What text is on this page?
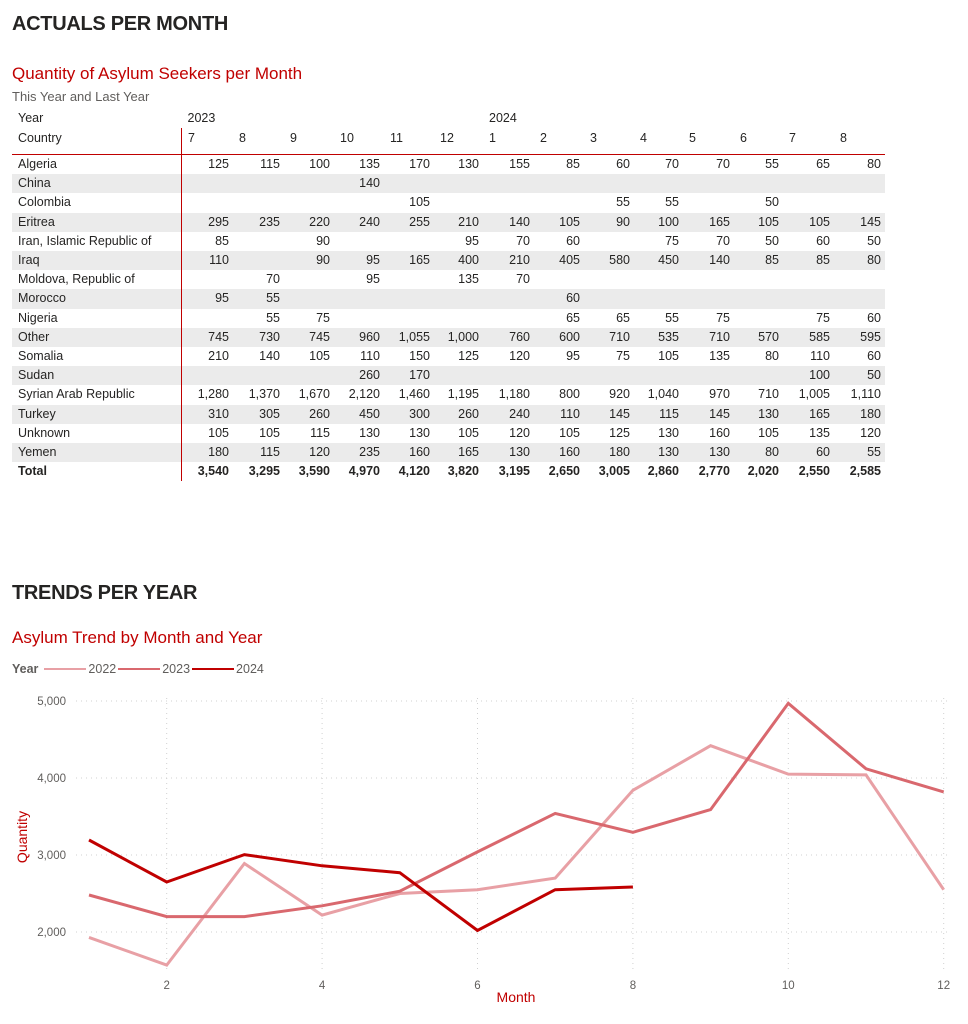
ACTUALS PER MONTH
Quantity of Asylum Seekers per Month
This Year and Last Year
Year	2023						2024							
Country	7	8	9	10	11	12	1	2	3	4	5	6	7	8
Algeria	125	115	100	135	170	130	155	85	60	70	70	55	65	80
China				140										
Colombia					105				55	55		50		
Eritrea	295	235	220	240	255	210	140	105	90	100	165	105	105	145
Iran, Islamic Republic of	85		90			95	70	60		75	70	50	60	50
Iraq	110		90	95	165	400	210	405	580	450	140	85	85	80
Moldova, Republic of		70		95		135	70							
Morocco	95	55						60						
Nigeria		55	75					65	65	55	75		75	60
Other	745	730	745	960	1,055	1,000	760	600	710	535	710	570	585	595
Somalia	210	140	105	110	150	125	120	95	75	105	135	80	110	60
Sudan				260	170								100	50
Syrian Arab Republic	1,280	1,370	1,670	2,120	1,460	1,195	1,180	800	920	1,040	970	710	1,005	1,110
Turkey	310	305	260	450	300	260	240	110	145	115	145	130	165	180
Unknown	105	105	115	130	130	105	120	105	125	130	160	105	135	120
Yemen	180	115	120	235	160	165	130	160	180	130	130	80	60	55
Total	3,540	3,295	3,590	4,970	4,120	3,820	3,195	2,650	3,005	2,860	2,770	2,020	2,550	2,585
TRENDS PER YEAR
Asylum Trend by Month and Year
Year	2022	2023	2024
2,000
3,000
4,000
5,000
2	4	6	8	10	12
Quantity
Month
